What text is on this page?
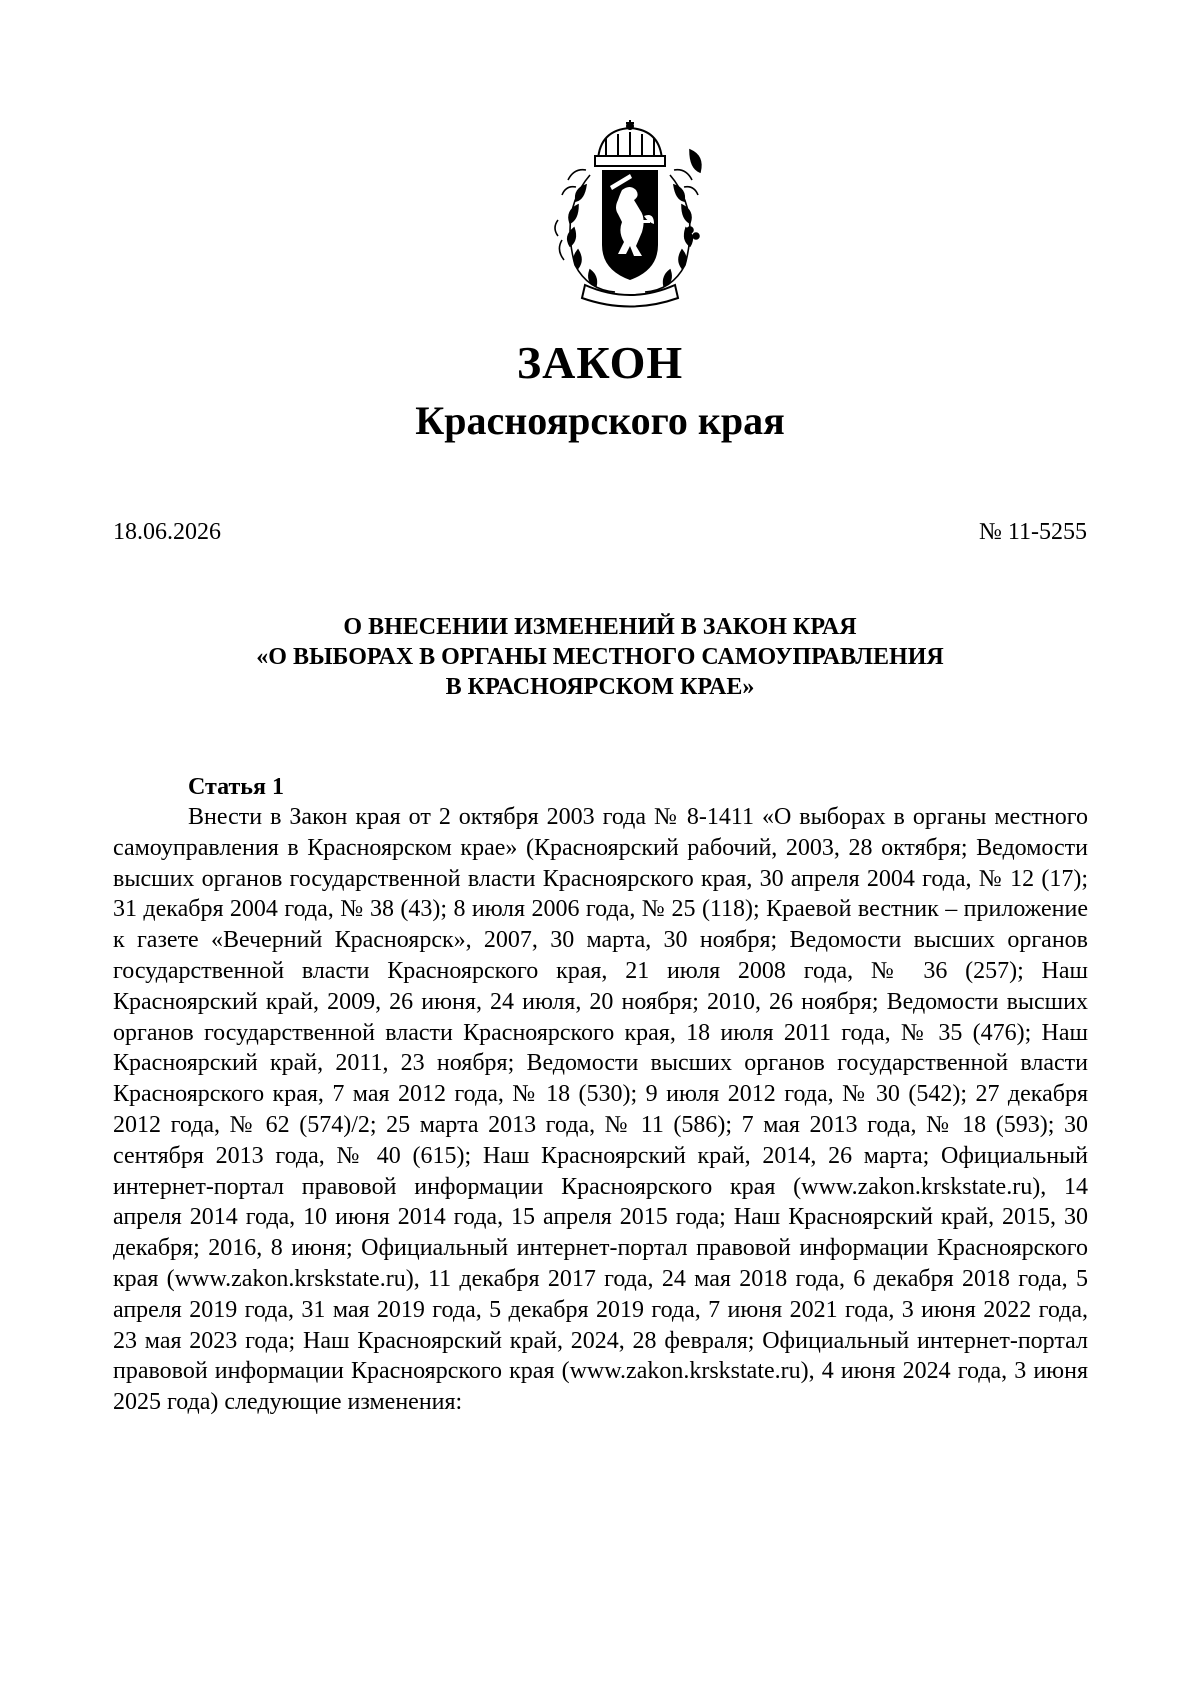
ЗАКОН
Красноярского края
18.06.2026	№ 11-5255
О ВНЕСЕНИИ ИЗМЕНЕНИЙ В ЗАКОН КРАЯ
«О ВЫБОРАХ В ОРГАНЫ МЕСТНОГО САМОУПРАВЛЕНИЯ
В КРАСНОЯРСКОМ КРАЕ»
Статья 1

Внести в Закон края от 2 октября 2003 года № 8-1411 «О выборах в органы местного самоуправления в Красноярском крае» (Красноярский рабочий, 2003, 28 октября; Ведомости высших органов государственной власти Красноярского края, 30 апреля 2004 года, № 12 (17); 31 декабря 2004 года, № 38 (43); 8 июля 2006 года, № 25 (118); Краевой вестник – приложение к газете «Вечерний Красноярск», 2007, 30 марта, 30 ноября; Ведомости высших органов государственной власти Красноярского края, 21 июля 2008 года, № 36 (257); Наш Красноярский край, 2009, 26 июня, 24 июля, 20 ноября; 2010, 26 ноября; Ведомости высших органов государственной власти Красноярского края, 18 июля 2011 года, № 35 (476); Наш Красноярский край, 2011, 23 ноября; Ведомости высших органов государственной власти Красноярского края, 7 мая 2012 года, № 18 (530); 9 июля 2012 года, № 30 (542); 27 декабря 2012 года, № 62 (574)/2; 25 марта 2013 года, № 11 (586); 7 мая 2013 года, № 18 (593); 30 сентября 2013 года, № 40 (615); Наш Красноярский край, 2014, 26 марта; Официальный интернет-портал правовой информации Красноярского края (www.zakon.krskstate.ru), 14 апреля 2014 года, 10 июня 2014 года, 15 апреля 2015 года; Наш Красноярский край, 2015, 30 декабря; 2016, 8 июня; Официальный интернет-портал правовой информации Красноярского края (www.zakon.krskstate.ru), 11 декабря 2017 года, 24 мая 2018 года, 6 декабря 2018 года, 5 апреля 2019 года, 31 мая 2019 года, 5 декабря 2019 года, 7 июня 2021 года, 3 июня 2022 года, 23 мая 2023 года; Наш Красноярский край, 2024, 28 февраля; Официальный интернет-портал правовой информации Красноярского края (www.zakon.krskstate.ru), 4 июня 2024 года, 3 июня 2025 года) следующие изменения:
